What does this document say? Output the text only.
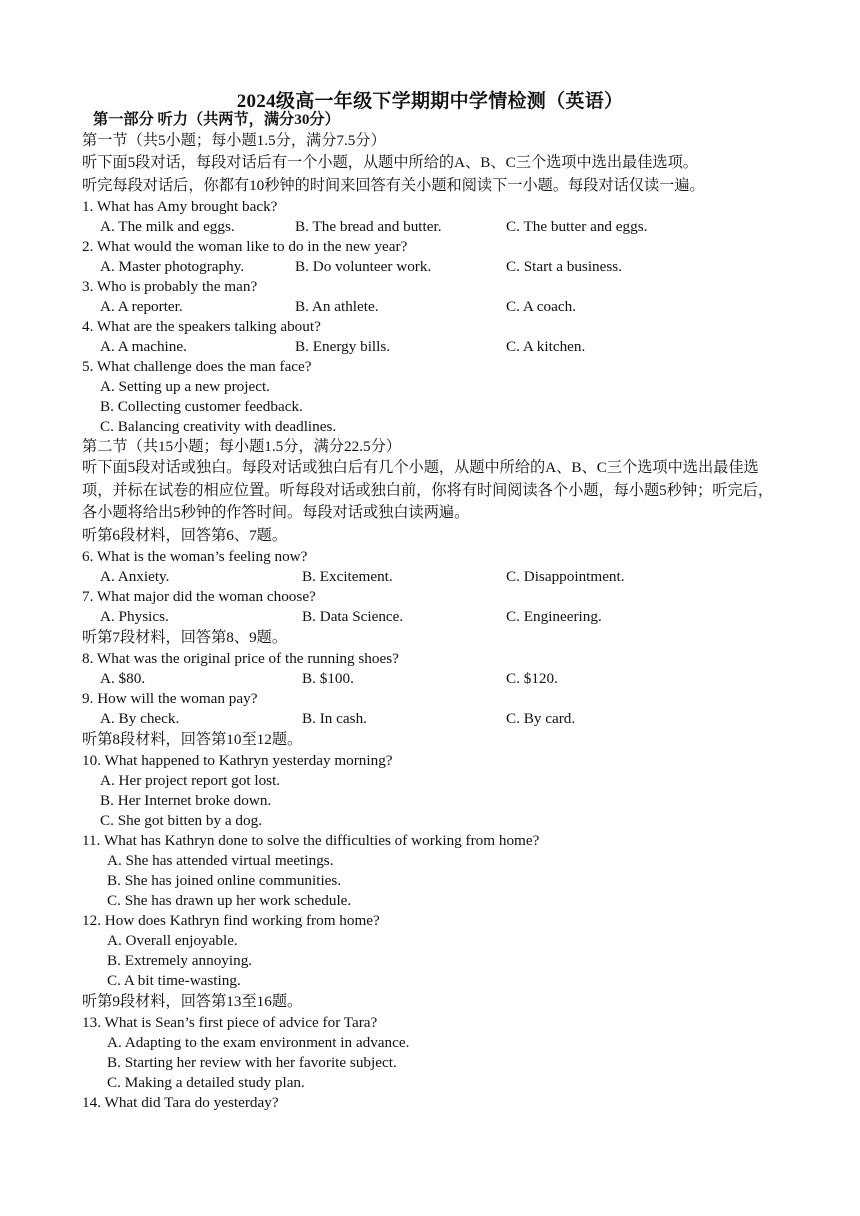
2024级高一年级下学期期中学情检测（英语）
第一部分 听力（共两节，满分30分）
第一节（共5小题；每小题1.5分，满分7.5分）
听下面5段对话，每段对话后有一个小题，从题中所给的A、B、C三个选项中选出最佳选项。
听完每段对话后，你都有10秒钟的时间来回答有关小题和阅读下一小题。每段对话仅读一遍。
1. What has Amy brought back?
A. The milk and eggs.	B. The bread and butter.	C. The butter and eggs.
2. What would the woman like to do in the new year?
A. Master photography.	B. Do volunteer work.	C. Start a business.
3. Who is probably the man?
A. A reporter.	B. An athlete.	C. A coach.
4. What are the speakers talking about?
A. A machine.	B. Energy bills.	C. A kitchen.
5. What challenge does the man face?
A. Setting up a new project.
B. Collecting customer feedback.
C. Balancing creativity with deadlines.
第二节（共15小题；每小题1.5分，满分22.5分）
听下面5段对话或独白。每段对话或独白后有几个小题，从题中所给的A、B、C三个选项中选出最佳选项，并标在试卷的相应位置。听每段对话或独白前，你将有时间阅读各个小题，每小题5秒钟；听完后，各小题将给出5秒钟的作答时间。每段对话或独白读两遍。
听第6段材料，回答第6、7题。
6. What is the woman’s feeling now?
A. Anxiety.	B. Excitement.	C. Disappointment.
7. What major did the woman choose?
A. Physics.	B. Data Science.	C. Engineering.
听第7段材料，回答第8、9题。
8. What was the original price of the running shoes?
A. $80.	B. $100.	C. $120.
9. How will the woman pay?
A. By check.	B. In cash.	C. By card.
听第8段材料，回答第10至12题。
10. What happened to Kathryn yesterday morning?
A. Her project report got lost.
B. Her Internet broke down.
C. She got bitten by a dog.
11. What has Kathryn done to solve the difficulties of working from home?
A. She has attended virtual meetings.
B. She has joined online communities.
C. She has drawn up her work schedule.
12. How does Kathryn find working from home?
A. Overall enjoyable.
B. Extremely annoying.
C. A bit time-wasting.
听第9段材料，回答第13至16题。
13. What is Sean’s first piece of advice for Tara?
A. Adapting to the exam environment in advance.
B. Starting her review with her favorite subject.
C. Making a detailed study plan.
14. What did Tara do yesterday?
